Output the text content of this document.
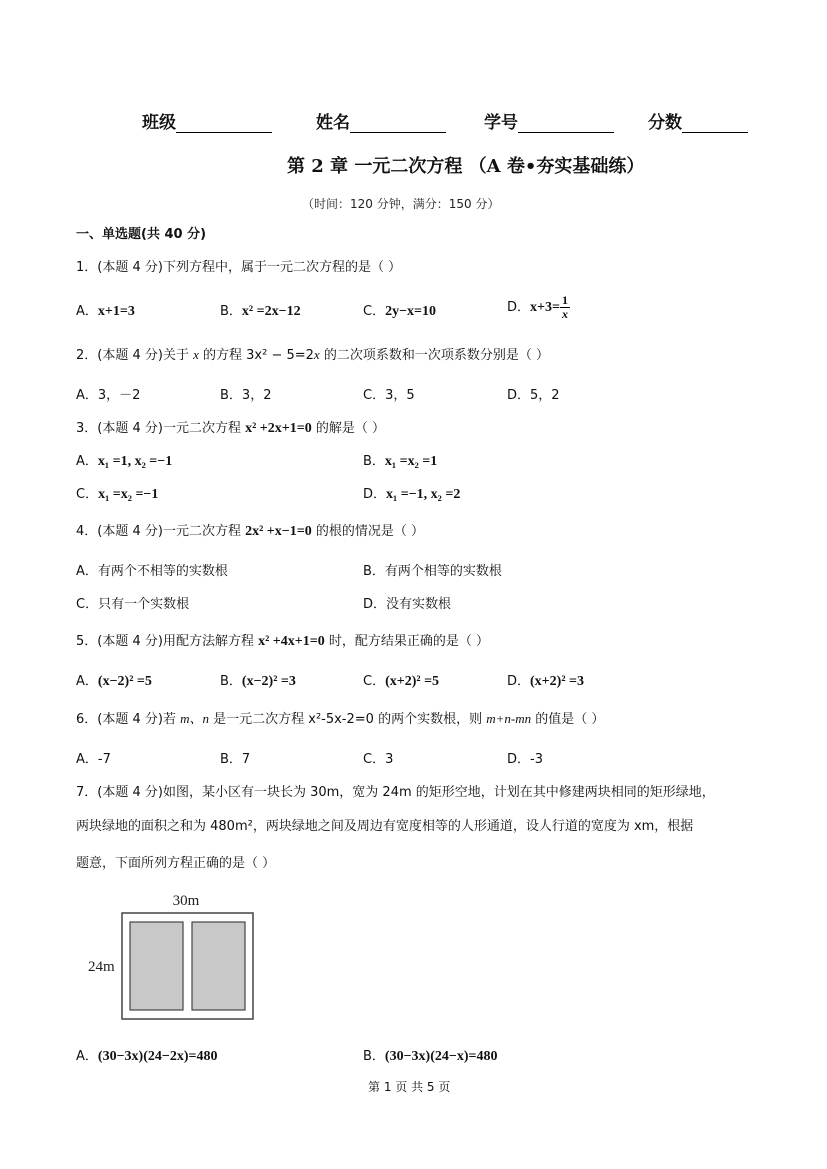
班级	姓名	学号	分数
第 2 章 一元二次方程 （A 卷•夯实基础练）
（时间：120 分钟，满分：150 分）
一、单选题(共 40 分)
1．(本题 4 分)下列方程中，属于一元二次方程的是（ ）
A．x+1=3	B．x² =2x−12	C．2y−x=10	D．$x+3= \frac{1}{x}$
2．(本题 4 分)关于 x 的方程 3x² − 5=2x 的二次项系数和一次项系数分别是（ ）
A．3，－2	B．3，2	C．3，5	D．5，2
3．(本题 4 分)一元二次方程 x² +2x+1=0 的解是（ ）
A．x₁ =1, x₂ =−1	B．x₁ =x₂ =1
C．x₁ =x₂ =−1	D．x₁ =−1, x₂ =2
4．(本题 4 分)一元二次方程 2x² +x−1=0 的根的情况是（ ）
A．有两个不相等的实数根	B．有两个相等的实数根
C．只有一个实数根	D．没有实数根
5．(本题 4 分)用配方法解方程 x² +4x+1=0 时，配方结果正确的是（ ）
A．(x−2)² =5	B．(x−2)² =3	C．(x+2)² =5	D．(x+2)² =3
6．(本题 4 分)若 m、n 是一元二次方程 x²-5x-2=0 的两个实数根，则 m+n-mn 的值是（ ）
A．-7	B．7	C．3	D．-3
7．(本题 4 分)如图，某小区有一块长为 30m，宽为 24m 的矩形空地，计划在其中修建两块相同的矩形绿地，
两块绿地的面积之和为 480m²，两块绿地之间及周边有宽度相等的人形通道，设人行道的宽度为 xm，根据
题意，下面所列方程正确的是（ ）
30m
24m
A．(30−3x)(24−2x)=480	B．(30−3x)(24−x)=480
第 1 页 共 5 页
